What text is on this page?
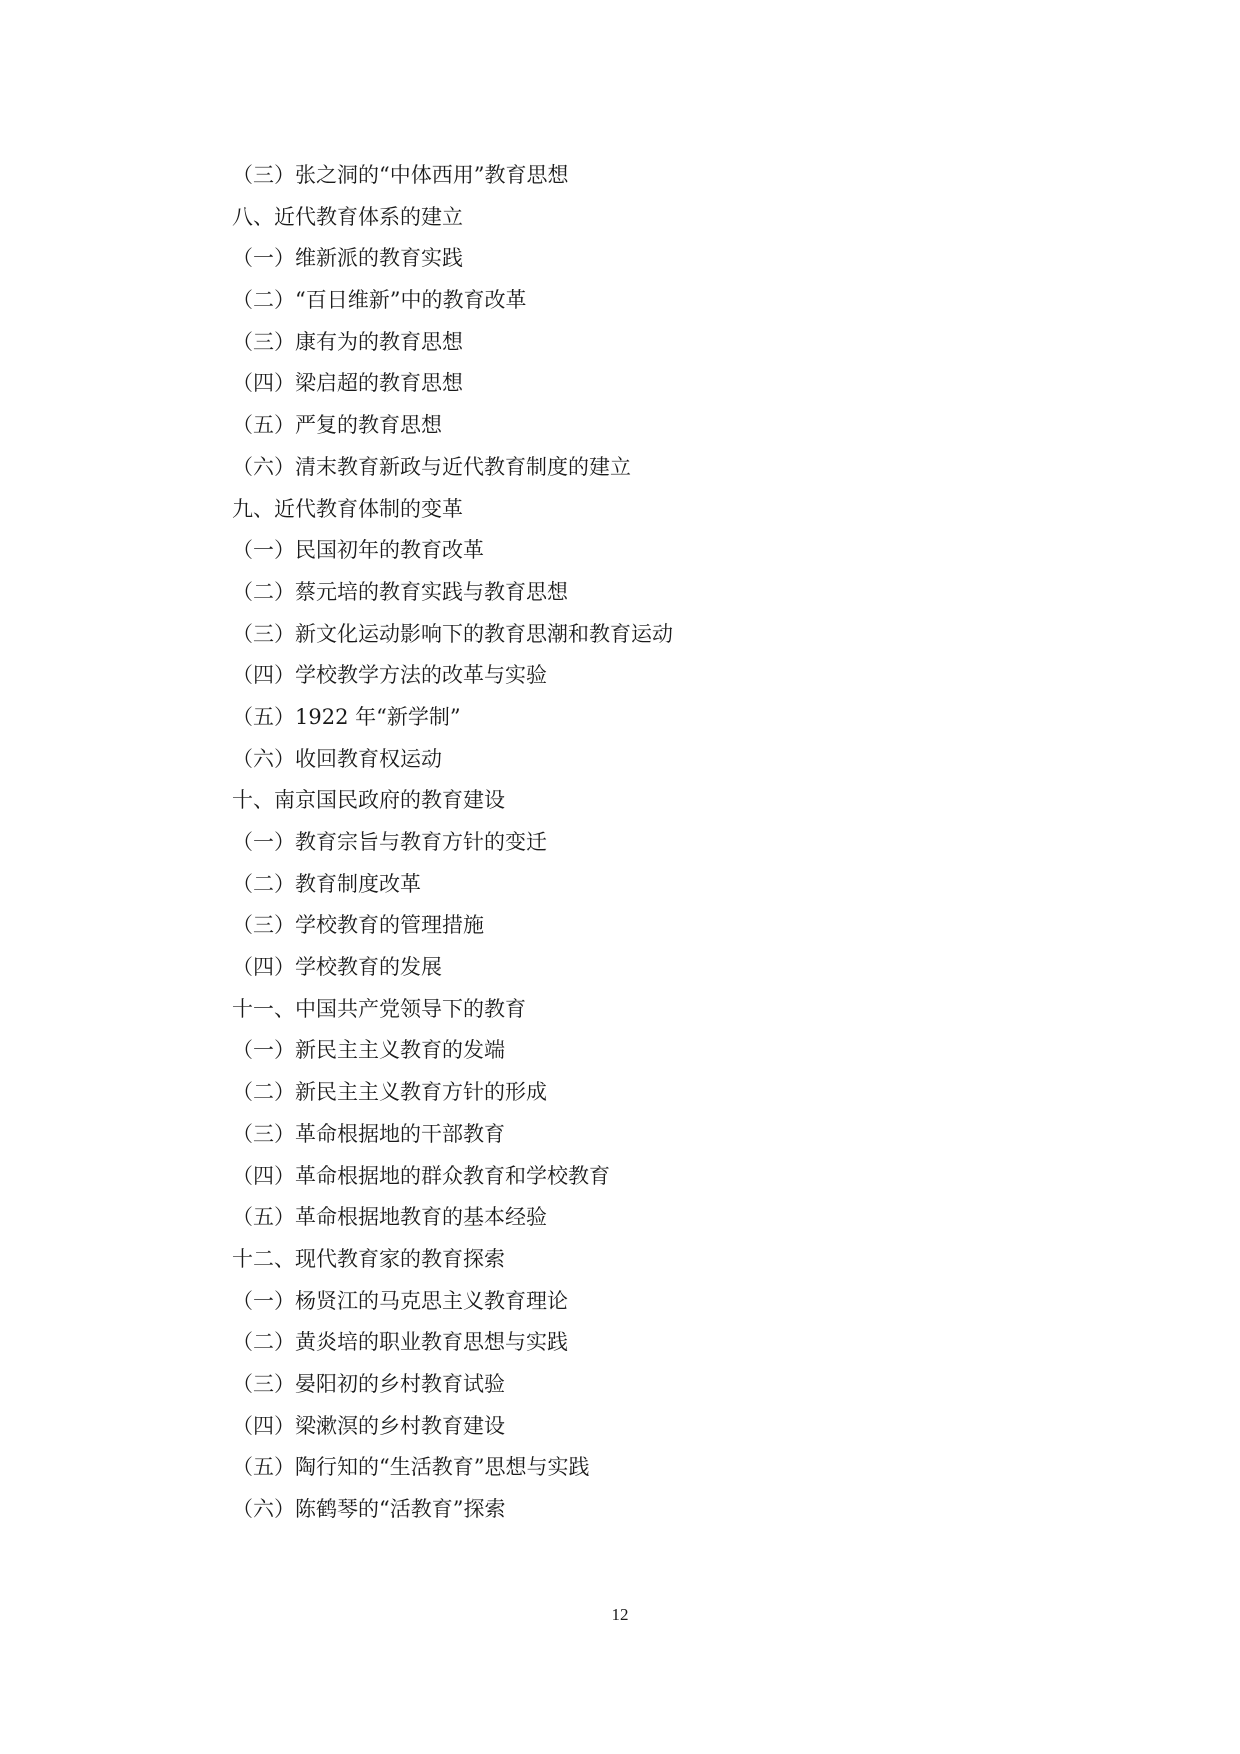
（三）张之洞的“中体西用”教育思想
八、近代教育体系的建立
（一）维新派的教育实践
（二）“百日维新”中的教育改革
（三）康有为的教育思想
（四）梁启超的教育思想
（五）严复的教育思想
（六）清末教育新政与近代教育制度的建立
九、近代教育体制的变革
（一）民国初年的教育改革
（二）蔡元培的教育实践与教育思想
（三）新文化运动影响下的教育思潮和教育运动
（四）学校教学方法的改革与实验
（五）1922 年“新学制”
（六）收回教育权运动
十、南京国民政府的教育建设
（一）教育宗旨与教育方针的变迁
（二）教育制度改革
（三）学校教育的管理措施
（四）学校教育的发展
十一、中国共产党领导下的教育
（一）新民主主义教育的发端
（二）新民主主义教育方针的形成
（三）革命根据地的干部教育
（四）革命根据地的群众教育和学校教育
（五）革命根据地教育的基本经验
十二、现代教育家的教育探索
（一）杨贤江的马克思主义教育理论
（二）黄炎培的职业教育思想与实践
（三）晏阳初的乡村教育试验
（四）梁漱溟的乡村教育建设
（五）陶行知的“生活教育”思想与实践
（六）陈鹤琴的“活教育”探索
12
